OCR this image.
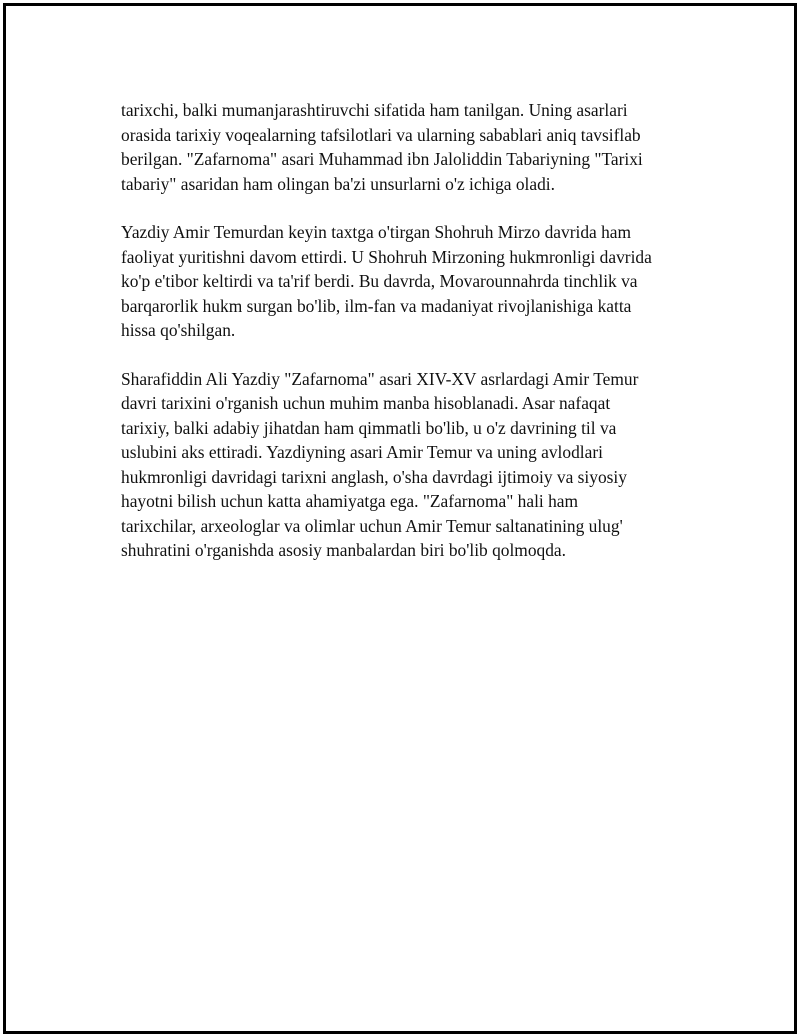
tarixchi, balki mumanjarashtiruvchi sifatida ham tanilgan. Uning asarlari
orasida tarixiy voqealarning tafsilotlari va ularning sabablari aniq tavsiflab
berilgan. "Zafarnoma" asari Muhammad ibn Jaloliddin Tabariyning "Tarixi
tabariy" asaridan ham olingan ba'zi unsurlarni o'z ichiga oladi.

Yazdiy Amir Temurdan keyin taxtga o'tirgan Shohruh Mirzo davrida ham
faoliyat yuritishni davom ettirdi. U Shohruh Mirzoning hukmronligi davrida
ko'p e'tibor keltirdi va ta'rif berdi. Bu davrda, Movarounnahrda tinchlik va
barqarorlik hukm surgan bo'lib, ilm-fan va madaniyat rivojlanishiga katta
hissa qo'shilgan.

Sharafiddin Ali Yazdiy "Zafarnoma" asari XIV-XV asrlardagi Amir Temur
davri tarixini o'rganish uchun muhim manba hisoblanadi. Asar nafaqat
tarixiy, balki adabiy jihatdan ham qimmatli bo'lib, u o'z davrining til va
uslubini aks ettiradi. Yazdiyning asari Amir Temur va uning avlodlari
hukmronligi davridagi tarixni anglash, o'sha davrdagi ijtimoiy va siyosiy
hayotni bilish uchun katta ahamiyatga ega. "Zafarnoma" hali ham
tarixchilar, arxeologlar va olimlar uchun Amir Temur saltanatining ulug'
shuhratini o'rganishda asosiy manbalardan biri bo'lib qolmoqda.
